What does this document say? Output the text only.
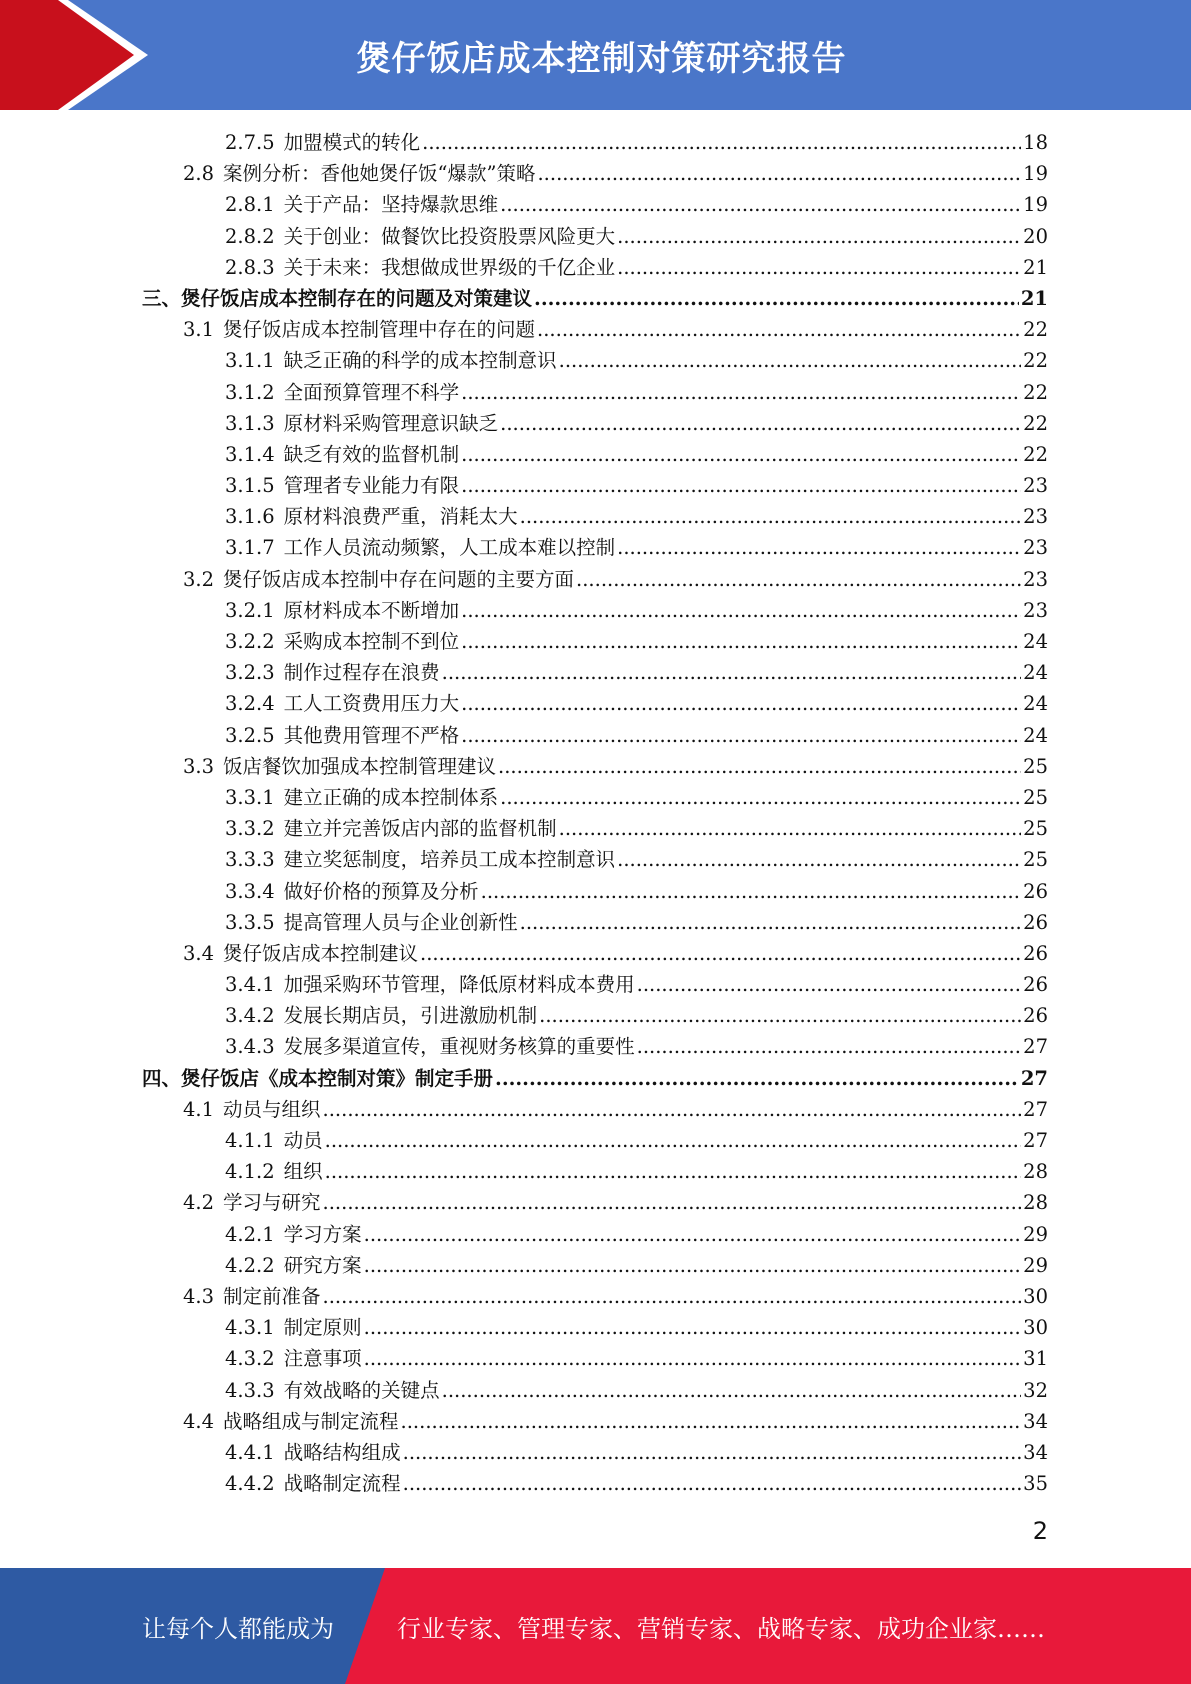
煲仔饭店成本控制对策研究报告
2.7.5 加盟模式的转化 .....	18
2.8 案例分析：香他她煲仔饭“爆款”策略 .....	19
2.8.1 关于产品：坚持爆款思维 .....	19
2.8.2 关于创业：做餐饮比投资股票风险更大 .....	20
2.8.3 关于未来：我想做成世界级的千亿企业 .....	21
三、 煲仔饭店成本控制存在的问题及对策建议 .....	21
3.1 煲仔饭店成本控制管理中存在的问题 .....	22
3.1.1 缺乏正确的科学的成本控制意识 .....	22
3.1.2 全面预算管理不科学 .....	22
3.1.3 原材料采购管理意识缺乏 .....	22
3.1.4 缺乏有效的监督机制 .....	22
3.1.5 管理者专业能力有限 .....	23
3.1.6 原材料浪费严重，消耗太大 .....	23
3.1.7 工作人员流动频繁，人工成本难以控制 .....	23
3.2 煲仔饭店成本控制中存在问题的主要方面 .....	23
3.2.1 原材料成本不断增加 .....	23
3.2.2 采购成本控制不到位 .....	24
3.2.3 制作过程存在浪费 .....	24
3.2.4 工人工资费用压力大 .....	24
3.2.5 其他费用管理不严格 .....	24
3.3 饭店餐饮加强成本控制管理建议 .....	25
3.3.1 建立正确的成本控制体系 .....	25
3.3.2 建立并完善饭店内部的监督机制 .....	25
3.3.3 建立奖惩制度，培养员工成本控制意识 .....	25
3.3.4 做好价格的预算及分析 .....	26
3.3.5 提高管理人员与企业创新性 .....	26
3.4 煲仔饭店成本控制建议 .....	26
3.4.1 加强采购环节管理，降低原材料成本费用 .....	26
3.4.2 发展长期店员，引进激励机制 .....	26
3.4.3 发展多渠道宣传，重视财务核算的重要性 .....	27
四、 煲仔饭店《成本控制对策》制定手册 .....	27
4.1 动员与组织 .....	27
4.1.1 动员 .....	27
4.1.2 组织 .....	28
4.2 学习与研究 .....	28
4.2.1 学习方案 .....	29
4.2.2 研究方案 .....	29
4.3 制定前准备 .....	30
4.3.1 制定原则 .....	30
4.3.2 注意事项 .....	31
4.3.3 有效战略的关键点 .....	32
4.4 战略组成与制定流程 .....	34
4.4.1 战略结构组成 .....	34
4.4.2 战略制定流程 .....	35
2
让每个人都能成为	行业专家、管理专家、营销专家、战略专家、成功企业家……
